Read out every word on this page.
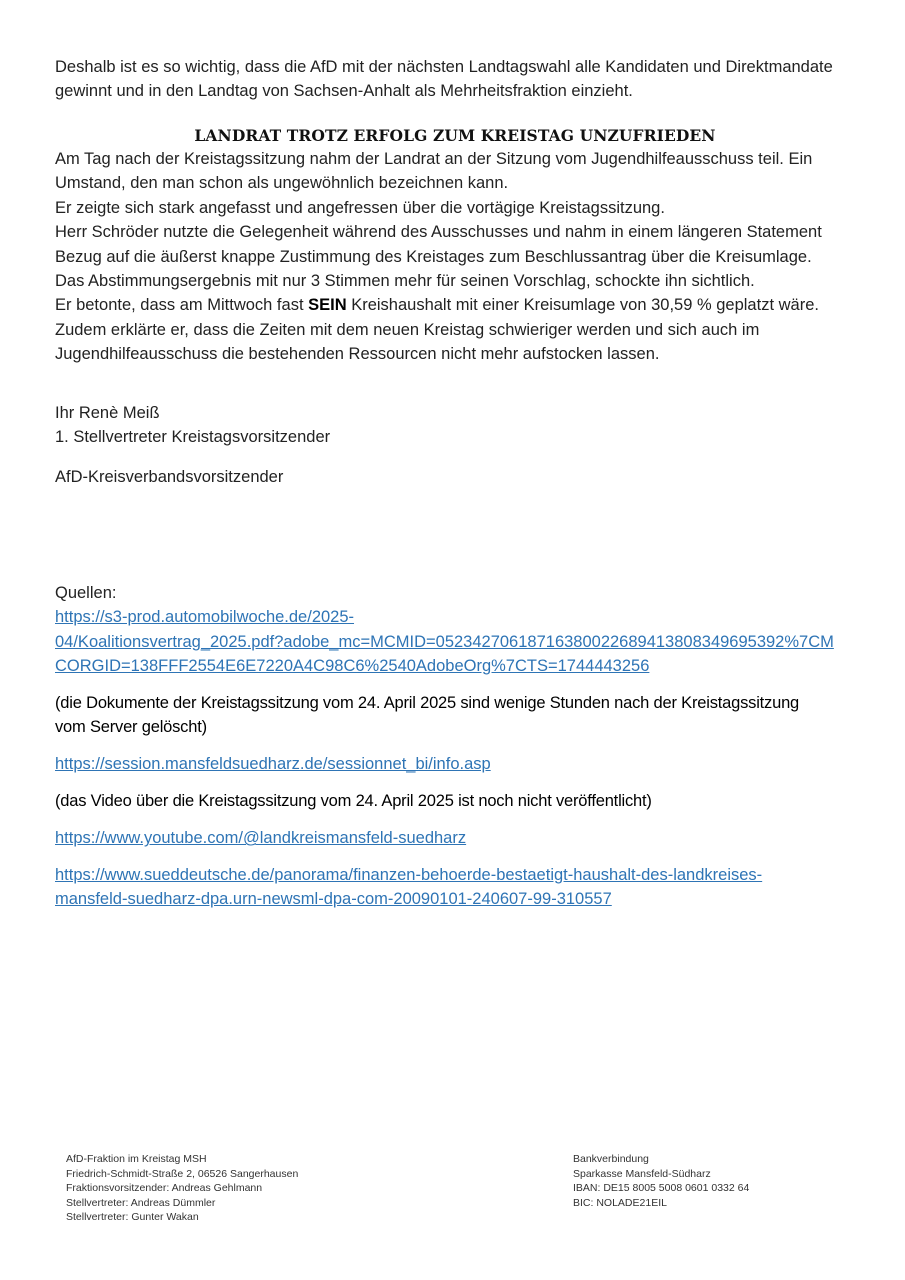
Deshalb ist es so wichtig, dass die AfD mit der nächsten Landtagswahl alle Kandidaten und Direktmandate

gewinnt und in den Landtag von Sachsen-Anhalt als Mehrheitsfraktion einzieht.

LANDRAT TROTZ ERFOLG ZUM KREISTAG UNZUFRIEDEN
Am Tag nach der Kreistagssitzung nahm der Landrat an der Sitzung vom Jugendhilfeausschuss teil. Ein
Umstand, den man schon als ungewöhnlich bezeichnen kann.
Er zeigte sich stark angefasst und angefressen über die vortägige Kreistagssitzung.
Herr Schröder nutzte die Gelegenheit während des Ausschusses und nahm in einem längeren Statement
Bezug auf die äußerst knappe Zustimmung des Kreistages zum Beschlussantrag über die Kreisumlage.
Das Abstimmungsergebnis mit nur 3 Stimmen mehr für seinen Vorschlag, schockte ihn sichtlich.
Er betonte, dass am Mittwoch fast SEIN Kreishaushalt mit einer Kreisumlage von 30,59 % geplatzt wäre.
Zudem erklärte er, dass die Zeiten mit dem neuen Kreistag schwieriger werden und sich auch im
Jugendhilfeausschuss die bestehenden Ressourcen nicht mehr aufstocken lassen.

Ihr Renè Meiß

1. Stellvertreter Kreistagsvorsitzender

AfD-Kreisverbandsvorsitzender

Quellen:

https://s3-prod.automobilwoche.de/2025-
04/Koalitionsvertrag_2025.pdf?adobe_mc=MCMID=05234270618716380022689413808349695392%7CM
CORGID=138FFF2554E6E7220A4C98C6%2540AdobeOrg%7CTS=1744443256

(die Dokumente der Kreistagssitzung vom 24. April 2025 sind wenige Stunden nach der Kreistagssitzung

vom Server gelöscht)

https://session.mansfeldsuedharz.de/sessionnet_bi/info.asp

(das Video über die Kreistagssitzung vom 24. April 2025 ist noch nicht veröffentlicht)

https://www.youtube.com/@landkreismansfeld-suedharz
https://www.sueddeutsche.de/panorama/finanzen-behoerde-bestaetigt-haushalt-des-landkreises-
mansfeld-suedharz-dpa.urn-newsml-dpa-com-20090101-240607-99-310557
AfD-Fraktion im Kreistag MSH
Friedrich-Schmidt-Straße 2, 06526 Sangerhausen
Fraktionsvorsitzender: Andreas Gehlmann
Stellvertreter: Andreas Dümmler
Stellvertreter: Gunter Wakan
Bankverbindung
Sparkasse Mansfeld-Südharz
IBAN: DE15 8005 5008 0601 0332 64
BIC: NOLADE21EIL
